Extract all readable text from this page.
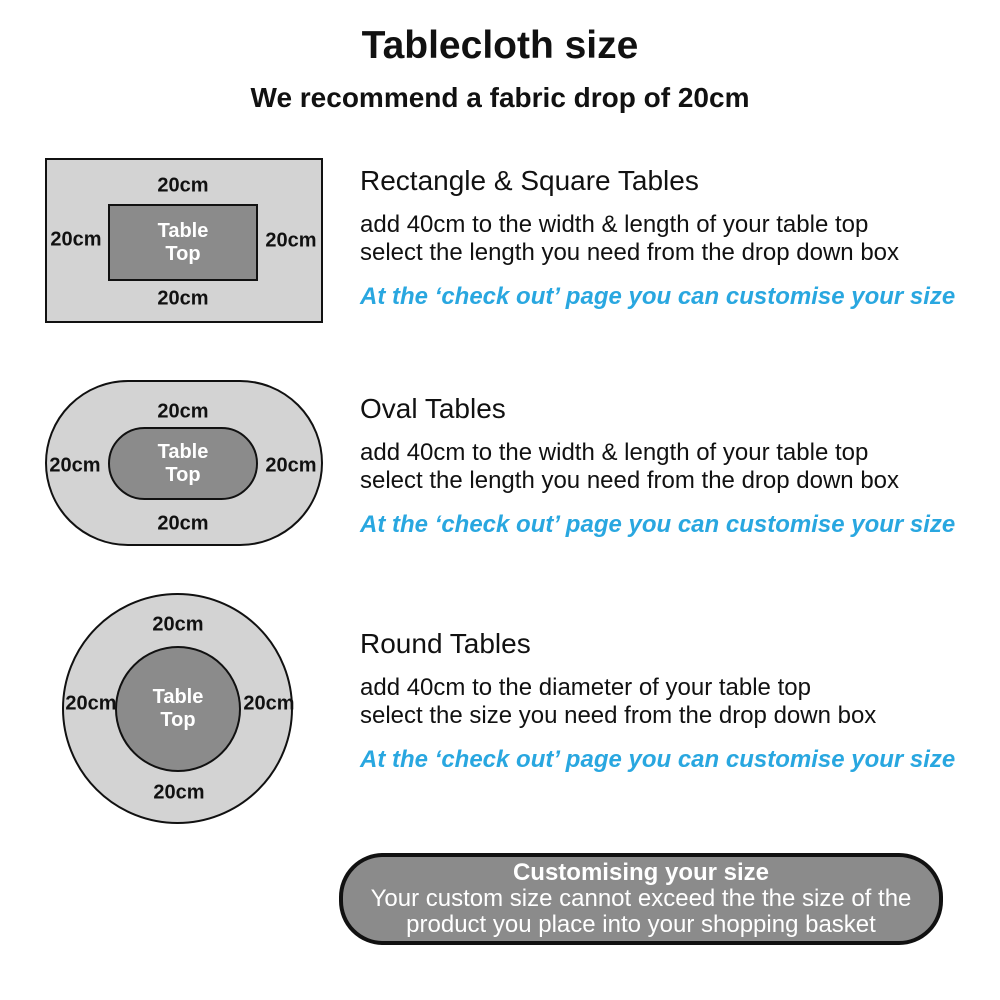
Tablecloth size
We recommend a fabric drop of 20cm
Table
Top
20cm
20cm	20cm
20cm
Table
Top
20cm
20cm	20cm
20cm
Table
Top
20cm
20cm	20cm
20cm
Rectangle & Square Tables
add 40cm to the width & length of your table top
select the length you need from the drop down box

At the ‘check out’ page you can customise your size

Oval Tables
add 40cm to the width & length of your table top
select the length you need from the drop down box

At the ‘check out’ page you can customise your size

Round Tables
add 40cm to the diameter of your table top
select the size you need from the drop down box

At the ‘check out’ page you can customise your size

Customising your size
Your custom size cannot exceed the the size of the
product you place into your shopping basket
